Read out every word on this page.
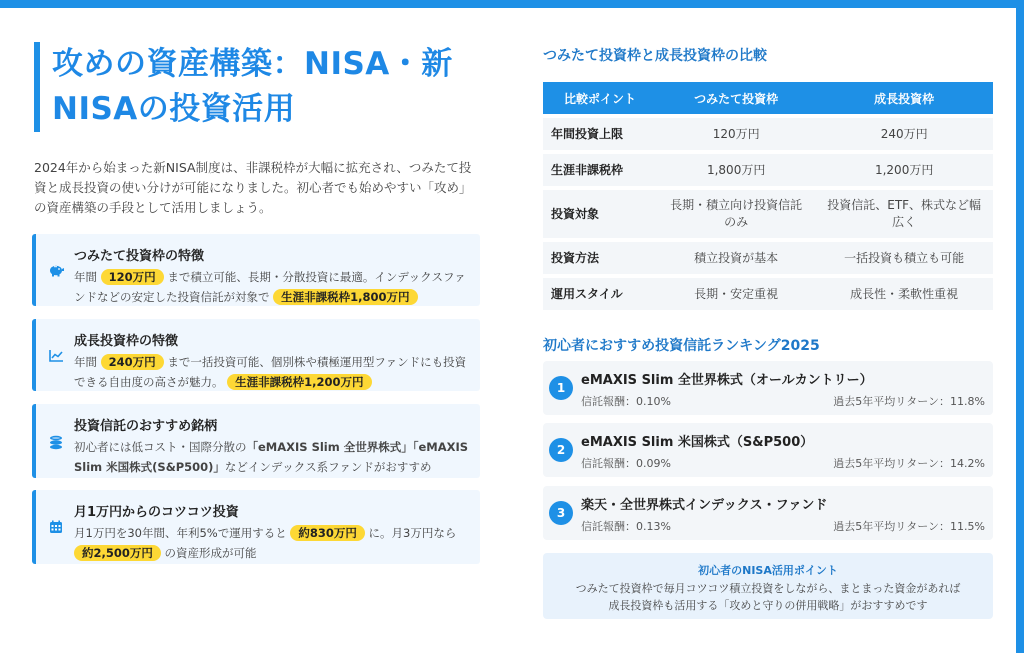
攻めの資産構築：NISA・新NISAの投資活用
2024年から始まった新NISA制度は、非課税枠が大幅に拡充され、つみたて投資と成長投資の使い分けが可能になりました。初心者でも始めやすい「攻め」の資産構築の手段として活用しましょう。
つみたて投資枠の特徴
年間 120万円 まで積立可能、長期・分散投資に最適。インデックスファンドなどの安定した投資信託が対象で 生涯非課税枠1,800万円
成長投資枠の特徴
年間 240万円 まで一括投資可能、個別株や積極運用型ファンドにも投資できる自由度の高さが魅力。 生涯非課税枠1,200万円
投資信託のおすすめ銘柄
初心者には低コスト・国際分散の「eMAXIS Slim 全世界株式」「eMAXIS Slim 米国株式(S&P500)」などインデックス系ファンドがおすすめ
月1万円からのコツコツ投資
月1万円を30年間、年利5%で運用すると 約830万円 に。月3万円なら 約2,500万円 の資産形成が可能
つみたて投資枠と成長投資枠の比較
比較ポイント	つみたて投資枠	成長投資枠
年間投資上限	120万円	240万円
生涯非課税枠	1,800万円	1,200万円
投資対象	長期・積立向け投資信託のみ	投資信託、ETF、株式など幅広く
投資方法	積立投資が基本	一括投資も積立も可能
運用スタイル	長期・安定重視	成長性・柔軟性重視
初心者におすすめ投資信託ランキング2025
1	eMAXIS Slim 全世界株式（オールカントリー）
信託報酬：0.10%	過去5年平均リターン：11.8%
2	eMAXIS Slim 米国株式（S&P500）
信託報酬：0.09%	過去5年平均リターン：14.2%
3	楽天・全世界株式インデックス・ファンド
信託報酬：0.13%	過去5年平均リターン：11.5%
初心者のNISA活用ポイント
つみたて投資枠で毎月コツコツ積立投資をしながら、まとまった資金があれば成長投資枠も活用する「攻めと守りの併用戦略」がおすすめです
